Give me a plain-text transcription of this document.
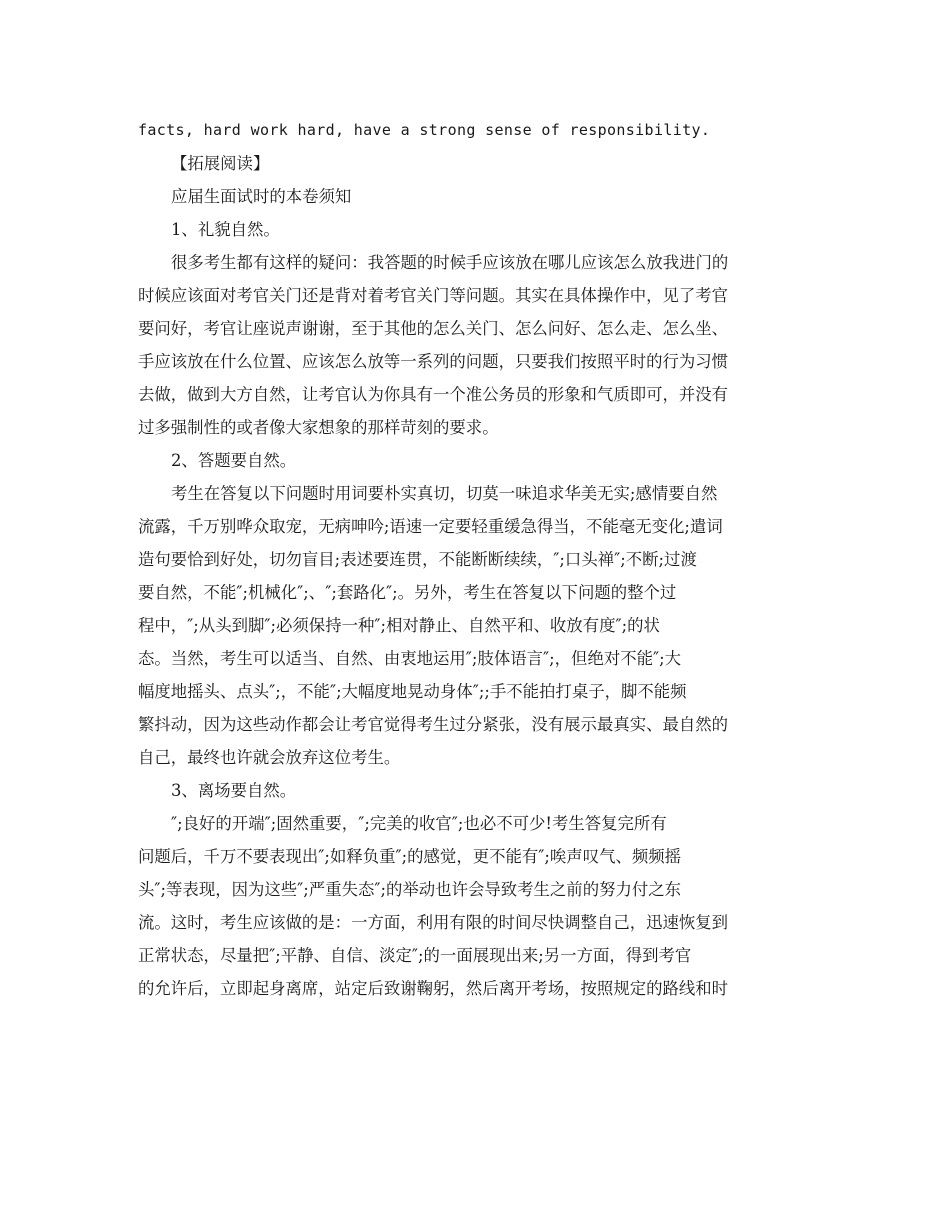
facts, hard work hard, have a strong sense of responsibility.
【拓展阅读】
应届生面试时的本卷须知
1、礼貌自然。
很多考生都有这样的疑问：我答题的时候手应该放在哪儿应该怎么放我进门的
时候应该面对考官关门还是背对着考官关门等问题。其实在具体操作中，见了考官
要问好，考官让座说声谢谢，至于其他的怎么关门、怎么问好、怎么走、怎么坐、
手应该放在什么位置、应该怎么放等一系列的问题，只要我们按照平时的行为习惯
去做，做到大方自然，让考官认为你具有一个准公务员的形象和气质即可，并没有
过多强制性的或者像大家想象的那样苛刻的要求。
2、答题要自然。
考生在答复以下问题时用词要朴实真切，切莫一味追求华美无实;感情要自然
流露，千万别哗众取宠，无病呻吟;语速一定要轻重缓急得当，不能毫无变化;遣词
造句要恰到好处，切勿盲目;表述要连贯，不能断断续续，″;口头禅″;不断;过渡
要自然，不能″;机械化″;、″;套路化″;。另外，考生在答复以下问题的整个过
程中，″;从头到脚″;必须保持一种″;相对静止、自然平和、收放有度″;的状
态。当然，考生可以适当、自然、由衷地运用″;肢体语言″;，但绝对不能″;大
幅度地摇头、点头″;，不能″;大幅度地晃动身体″;;手不能拍打桌子，脚不能频
繁抖动，因为这些动作都会让考官觉得考生过分紧张，没有展示最真实、最自然的
自己，最终也许就会放弃这位考生。
3、离场要自然。
″;良好的开端″;固然重要，″;完美的收官″;也必不可少!考生答复完所有
问题后，千万不要表现出″;如释负重″;的感觉，更不能有″;唉声叹气、频频摇
头″;等表现，因为这些″;严重失态″;的举动也许会导致考生之前的努力付之东
流。这时，考生应该做的是：一方面，利用有限的时间尽快调整自己，迅速恢复到
正常状态，尽量把″;平静、自信、淡定″;的一面展现出来;另一方面，得到考官
的允许后，立即起身离席，站定后致谢鞠躬，然后离开考场，按照规定的路线和时
